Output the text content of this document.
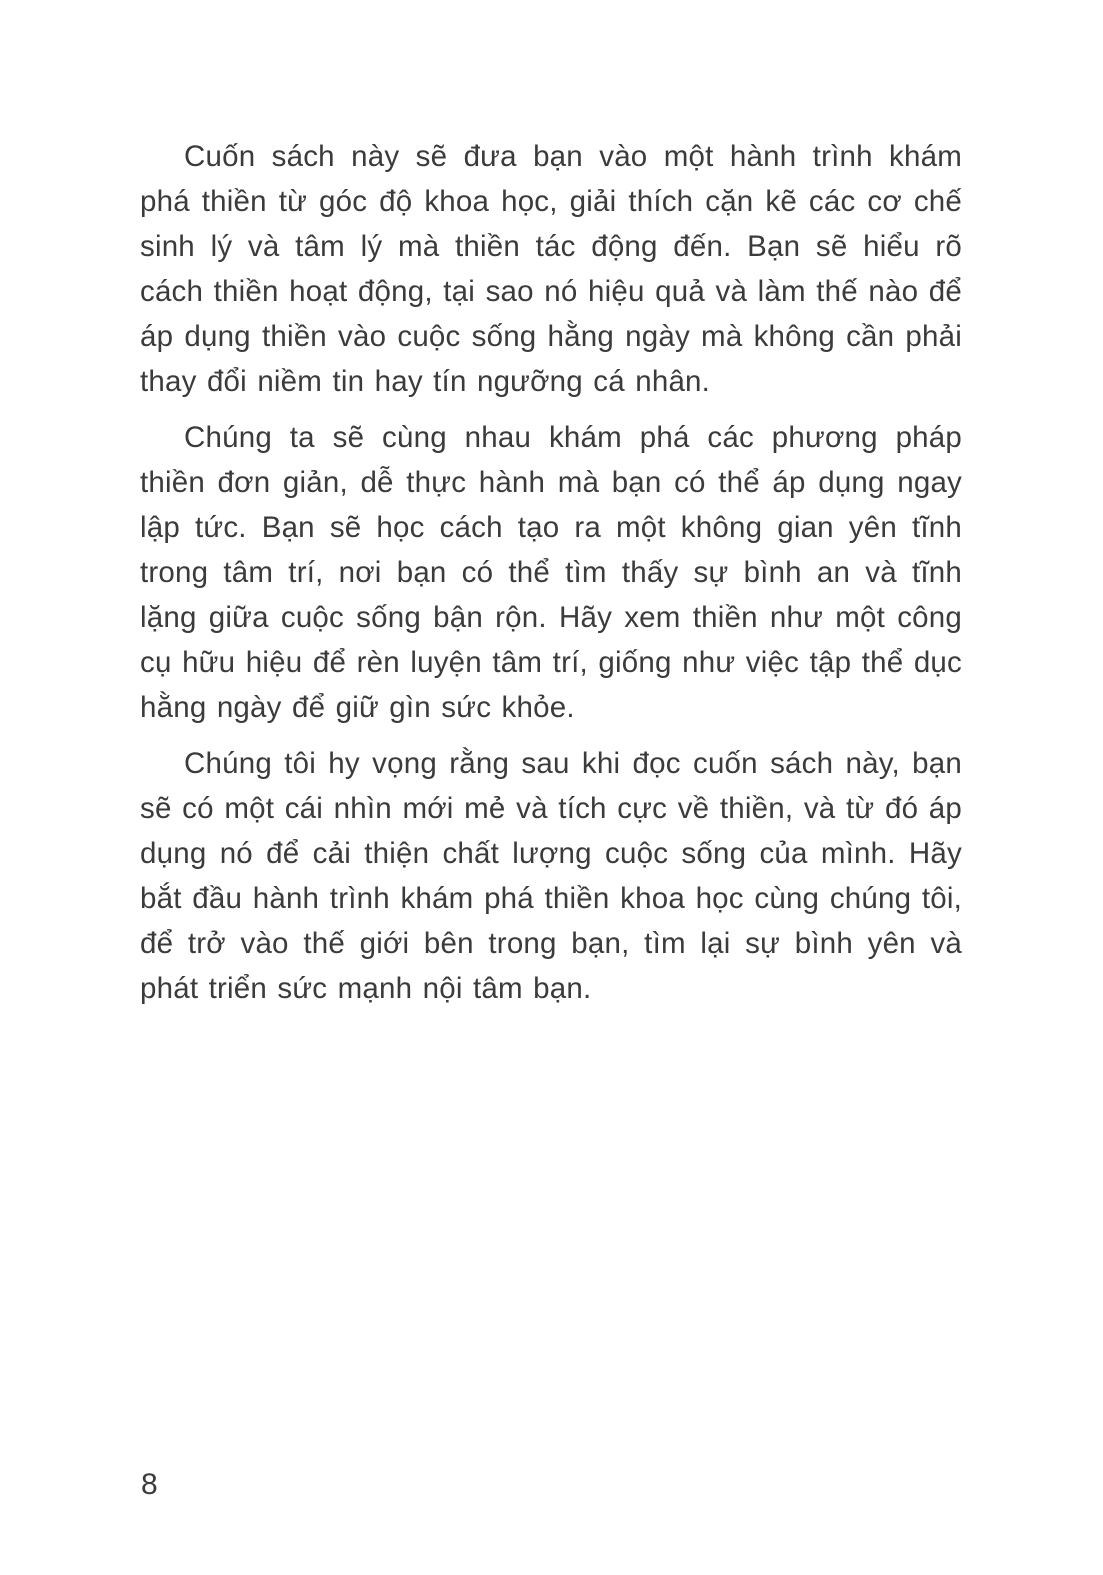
Cuốn sách này sẽ đưa bạn vào một hành trình khám phá thiền từ góc độ khoa học, giải thích cặn kẽ các cơ chế sinh lý và tâm lý mà thiền tác động đến. Bạn sẽ hiểu rõ cách thiền hoạt động, tại sao nó hiệu quả và làm thế nào để áp dụng thiền vào cuộc sống hằng ngày mà không cần phải thay đổi niềm tin hay tín ngưỡng cá nhân.

Chúng ta sẽ cùng nhau khám phá các phương pháp thiền đơn giản, dễ thực hành mà bạn có thể áp dụng ngay lập tức. Bạn sẽ học cách tạo ra một không gian yên tĩnh trong tâm trí, nơi bạn có thể tìm thấy sự bình an và tĩnh lặng giữa cuộc sống bận rộn. Hãy xem thiền như một công cụ hữu hiệu để rèn luyện tâm trí, giống như việc tập thể dục hằng ngày để giữ gìn sức khỏe.

Chúng tôi hy vọng rằng sau khi đọc cuốn sách này, bạn sẽ có một cái nhìn mới mẻ và tích cực về thiền, và từ đó áp dụng nó để cải thiện chất lượng cuộc sống của mình. Hãy bắt đầu hành trình khám phá thiền khoa học cùng chúng tôi, để trở vào thế giới bên trong bạn, tìm lại sự bình yên và phát triển sức mạnh nội tâm bạn.

8
